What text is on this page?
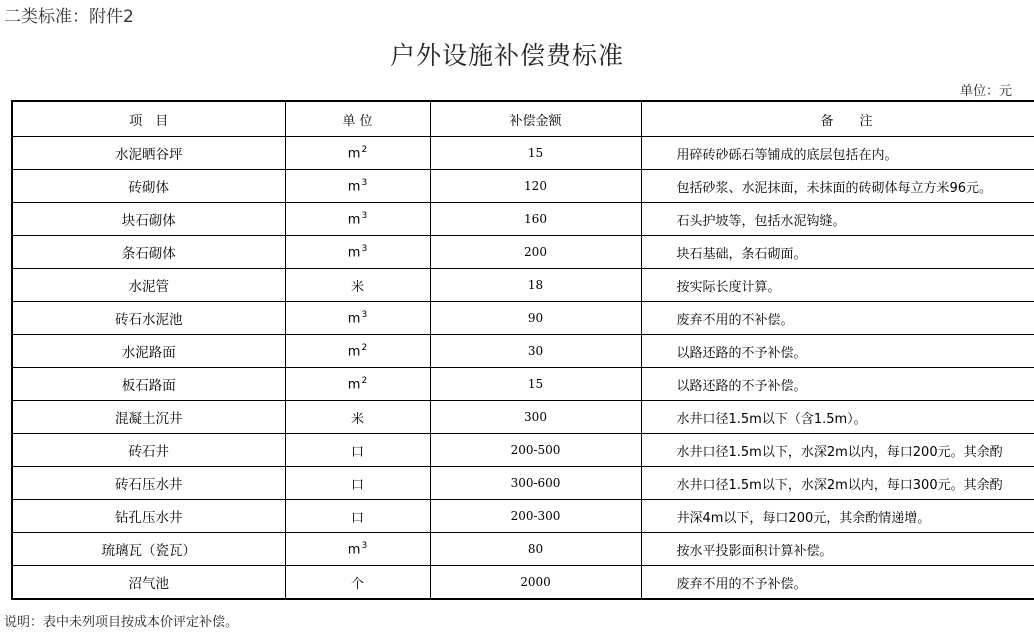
二类标准：附件2
户外设施补偿费标准
单位：元
项　目	单 位	补偿金额	备　　注
水泥晒谷坪	$m^2$	15	用碎砖砂砾石等铺成的底层包括在内。
砖砌体	$m^3$	120	包括砂浆、水泥抹面，未抹面的砖砌体每立方米96元。
块石砌体	$m^3$	160	石头护坡等，包括水泥钩缝。
条石砌体	$m^3$	200	块石基础，条石砌面。
水泥管	米	18	按实际长度计算。
砖石水泥池	$m^3$	90	废弃不用的不补偿。
水泥路面	$m^2$	30	以路还路的不予补偿。
板石路面	$m^2$	15	以路还路的不予补偿。
混凝土沉井	米	300	水井口径1.5m以下（含1.5m）。
砖石井	口	200-500	水井口径1.5m以下，水深2m以内，每口200元。其余酌
砖石压水井	口	300-600	水井口径1.5m以下，水深2m以内，每口300元。其余酌
钻孔压水井	口	200-300	井深4m以下，每口200元，其余酌情递增。
琉璃瓦（瓷瓦）	$m^3$	80	按水平投影面积计算补偿。
沼气池	个	2000	废弃不用的不予补偿。
说明：表中未列项目按成本价评定补偿。
